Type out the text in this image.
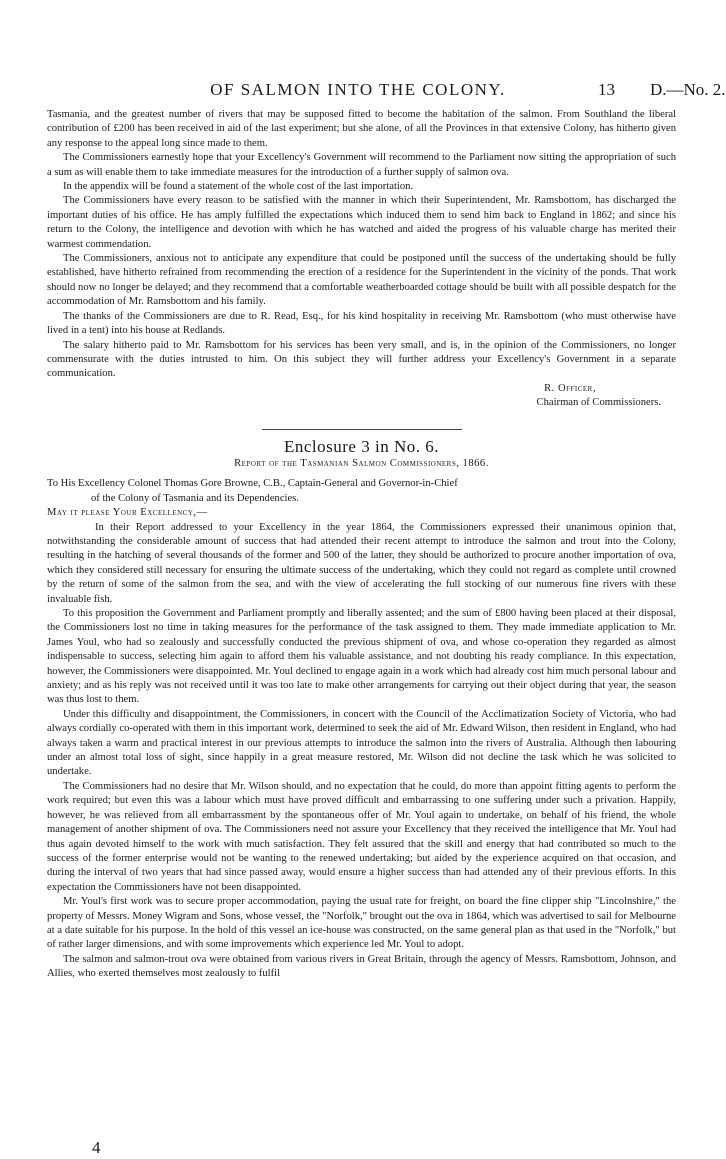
OF SALMON INTO THE COLONY.	13 D.—No. 2.

Tasmania, and the greatest number of rivers that may be supposed fitted to become the habitation of the salmon. From Southland the liberal contribution of £200 has been received in aid of the last experiment; but she alone, of all the Provinces in that extensive Colony, has hitherto given any response to the appeal long since made to them.

The Commissioners earnestly hope that your Excellency's Government will recommend to the Parliament now sitting the appropriation of such a sum as will enable them to take immediate measures for the introduction of a further supply of salmon ova.

In the appendix will be found a statement of the whole cost of the last importation.

The Commissioners have every reason to be satisfied with the manner in which their Superintendent, Mr. Ramsbottom, has discharged the important duties of his office. He has amply fulfilled the expectations which induced them to send him back to England in 1862; and since his return to the Colony, the intelligence and devotion with which he has watched and aided the progress of his valuable charge has merited their warmest commendation.

The Commissioners, anxious not to anticipate any expenditure that could be postponed until the success of the undertaking should be fully established, have hitherto refrained from recommending the erection of a residence for the Superintendent in the vicinity of the ponds. That work should now no longer be delayed; and they recommend that a comfortable weatherboarded cottage should be built with all possible despatch for the accommodation of Mr. Ramsbottom and his family.

The thanks of the Commissioners are due to R. Read, Esq., for his kind hospitality in receiving Mr. Ramsbottom (who must otherwise have lived in a tent) into his house at Redlands.

The salary hitherto paid to Mr. Ramsbottom for his services has been very small, and is, in the opinion of the Commissioners, no longer commensurate with the duties intrusted to him. On this subject they will further address your Excellency's Government in a separate communication.

R. Officer,

Chairman of Commissioners.

Enclosure 3 in No. 6.
Report of the Tasmanian Salmon Commissioners, 1866.

To His Excellency Colonel Thomas Gore Browne, C.B., Captain-General and Governor-in-Chief

of the Colony of Tasmania and its Dependencies.

May it please Your Excellency,—

In their Report addressed to your Excellency in the year 1864, the Commissioners expressed their unanimous opinion that, notwithstanding the considerable amount of success that had attended their recent attempt to introduce the salmon and trout into the Colony, resulting in the hatching of several thousands of the former and 500 of the latter, they should be authorized to procure another importation of ova, which they considered still necessary for ensuring the ultimate success of the undertaking, which they could not regard as complete until crowned by the return of some of the salmon from the sea, and with the view of accelerating the full stocking of our numerous fine rivers with these invaluable fish.

To this proposition the Government and Parliament promptly and liberally assented; and the sum of £800 having been placed at their disposal, the Commissioners lost no time in taking measures for the performance of the task assigned to them. They made immediate application to Mr. James Youl, who had so zealously and successfully conducted the previous shipment of ova, and whose co-operation they regarded as almost indispensable to success, selecting him again to afford them his valuable assistance, and not doubting his ready compliance. In this expectation, however, the Commissioners were disappointed. Mr. Youl declined to engage again in a work which had already cost him much personal labour and anxiety; and as his reply was not received until it was too late to make other arrangements for carrying out their object during that year, the season was thus lost to them.

Under this difficulty and disappointment, the Commissioners, in concert with the Council of the Acclimatization Society of Victoria, who had always cordially co-operated with them in this important work, determined to seek the aid of Mr. Edward Wilson, then resident in England, who had always taken a warm and practical interest in our previous attempts to introduce the salmon into the rivers of Australia. Although then labouring under an almost total loss of sight, since happily in a great measure restored, Mr. Wilson did not decline the task which he was solicited to undertake.

The Commissioners had no desire that Mr. Wilson should, and no expectation that he could, do more than appoint fitting agents to perform the work required; but even this was a labour which must have proved difficult and embarrassing to one suffering under such a privation. Happily, however, he was relieved from all embarrassment by the spontaneous offer of Mr. Youl again to undertake, on behalf of his friend, the whole management of another shipment of ova. The Commissioners need not assure your Excellency that they received the intelligence that Mr. Youl had thus again devoted himself to the work with much satisfaction. They felt assured that the skill and energy that had contributed so much to the success of the former enterprise would not be wanting to the renewed undertaking; but aided by the experience acquired on that occasion, and during the interval of two years that had since passed away, would ensure a higher success than had attended any of their previous efforts. In this expectation the Commissioners have not been disappointed.

Mr. Youl's first work was to secure proper accommodation, paying the usual rate for freight, on board the fine clipper ship "Lincolnshire," the property of Messrs. Money Wigram and Sons, whose vessel, the "Norfolk," brought out the ova in 1864, which was advertised to sail for Melbourne at a date suitable for his purpose. In the hold of this vessel an ice-house was constructed, on the same general plan as that used in the "Norfolk," but of rather larger dimensions, and with some improvements which experience led Mr. Youl to adopt.

The salmon and salmon-trout ova were obtained from various rivers in Great Britain, through the agency of Messrs. Ramsbottom, Johnson, and Allies, who exerted themselves most zealously to fulfil

4
